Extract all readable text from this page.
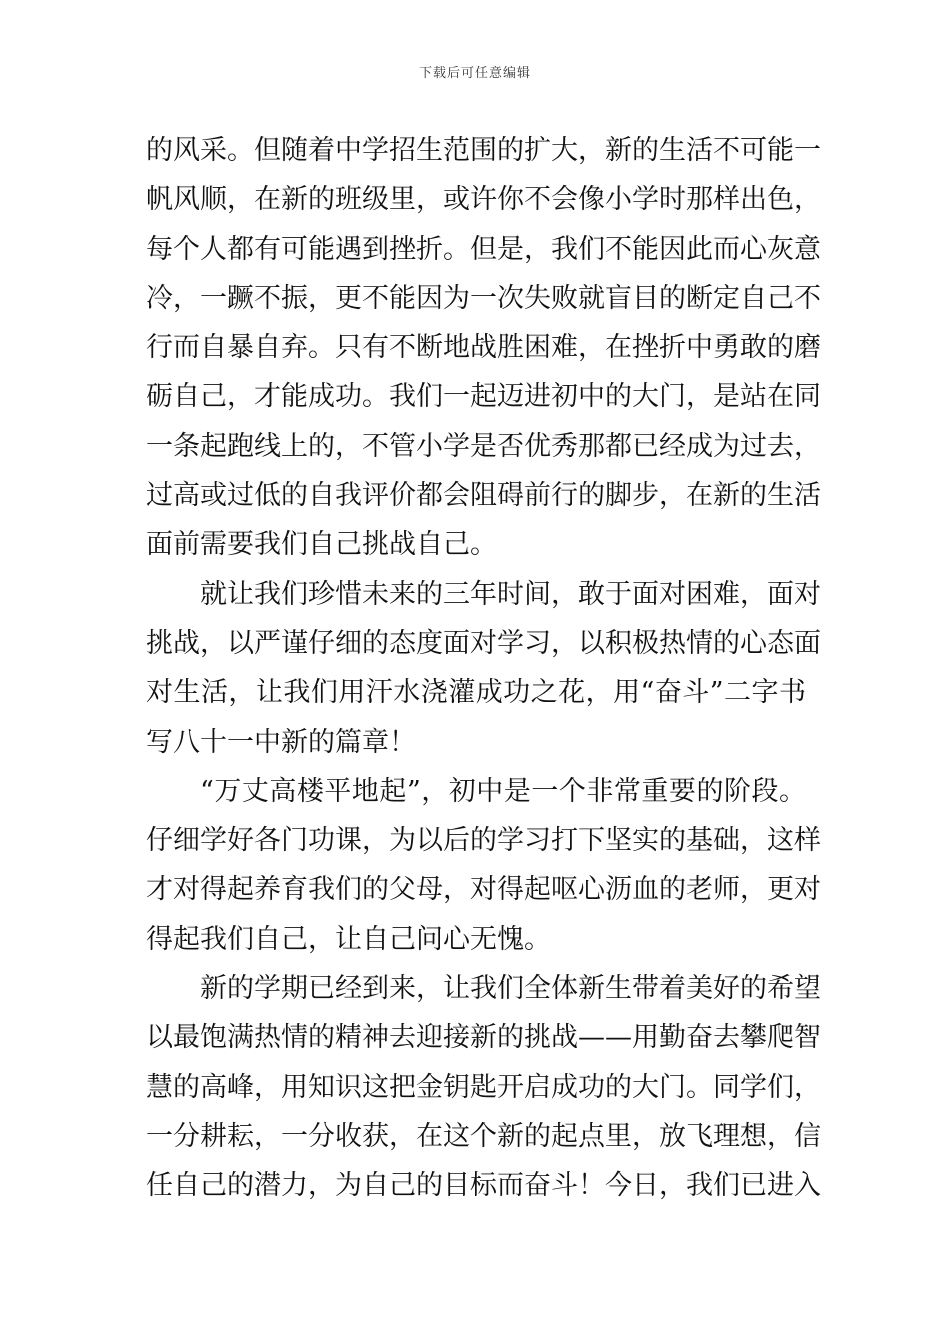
下载后可任意编辑
的风采。但随着中学招生范围的扩大，新的生活不可能一
帆风顺，在新的班级里，或许你不会像小学时那样出色，
每个人都有可能遇到挫折。但是，我们不能因此而心灰意
冷，一蹶不振，更不能因为一次失败就盲目的断定自己不
行而自暴自弃。只有不断地战胜困难，在挫折中勇敢的磨
砺自己，才能成功。我们一起迈进初中的大门，是站在同
一条起跑线上的，不管小学是否优秀那都已经成为过去，
过高或过低的自我评价都会阻碍前行的脚步，在新的生活
面前需要我们自己挑战自己。
就让我们珍惜未来的三年时间，敢于面对困难，面对
挑战，以严谨仔细的态度面对学习，以积极热情的心态面
对生活，让我们用汗水浇灌成功之花，用“奋斗”二字书
写八十一中新的篇章！
“万丈高楼平地起”，初中是一个非常重要的阶段。
仔细学好各门功课，为以后的学习打下坚实的基础，这样
才对得起养育我们的父母，对得起呕心沥血的老师，更对
得起我们自己，让自己问心无愧。
新的学期已经到来，让我们全体新生带着美好的希望
以最饱满热情的精神去迎接新的挑战——用勤奋去攀爬智
慧的高峰，用知识这把金钥匙开启成功的大门。同学们，
一分耕耘，一分收获，在这个新的起点里，放飞理想，信
任自己的潜力，为自己的目标而奋斗！今日，我们已进入
